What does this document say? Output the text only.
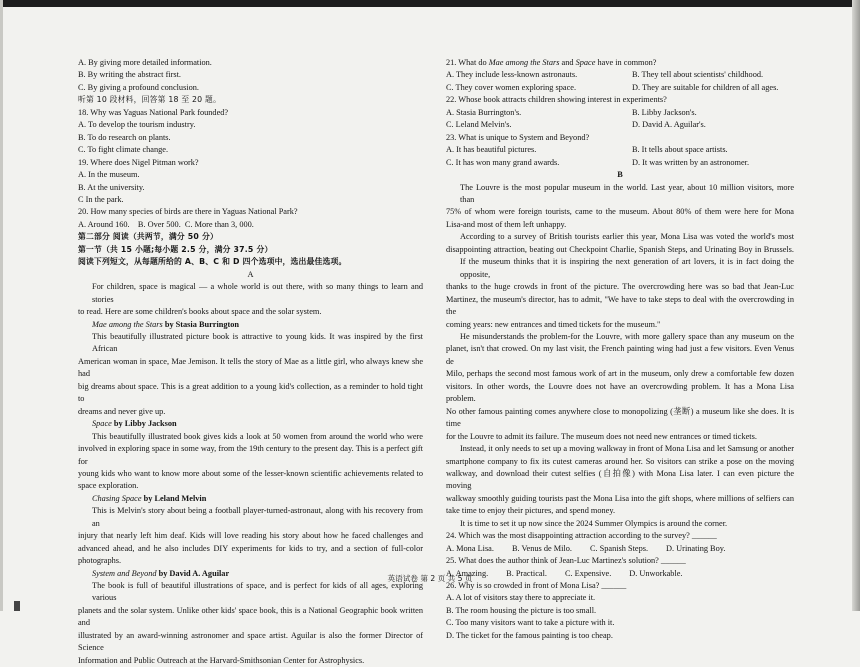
A. By giving more detailed information.

B. By writing the abstract first.

C. By giving a profound conclusion.

听第 10 段材料，回答第 18 至 20 题。

18. Why was Yaguas National Park founded?

A. To develop the tourism industry.

B. To do research on plants.

C. To fight climate change.

19. Where does Nigel Pitman work?

A. In the museum.

B. At the university.

C In the park.

20. How many species of birds are there in Yaguas National Park?

A. Around 160.    B. Over 500.  C. More than 3, 000.

第二部分 阅读（共两节，满分 50 分）

第一节（共 15 小题;每小题 2.5 分，满分 37.5 分）

阅读下列短文，从每题所给的 A、B、C 和 D 四个选项中，选出最佳选项。

A

For children, space is magical — a whole world is out there, with so many things to learn and stories

to read. Here are some children's books about space and the solar system.

Mae among the Stars by Stasia Burrington

This beautifully illustrated picture book is attractive to young kids. It was inspired by the first African

American woman in space, Mae Jemison. It tells the story of Mae as a little girl, who always knew she had

big dreams about space. This is a great addition to a young kid's collection, as a reminder to hold tight to

dreams and never give up.

Space by Libby Jackson

This beautifully illustrated book gives kids a look at 50 women from around the world who were

involved in exploring space in some way, from the 19th century to the present day. This is a perfect gift for

young kids who want to know more about some of the lesser-known scientific achievements related to

space exploration.

Chasing Space by Leland Melvin

This is Melvin's story about being a football player-turned-astronaut, along with his recovery from an

injury that nearly left him deaf. Kids will love reading his story about how he faced challenges and

advanced ahead, and he also includes DIY experiments for kids to try, and a section of full-color

photographs.

System and Beyond by David A. Aguilar

The book is full of beautiful illustrations of space, and is perfect for kids of all ages, exploring various

planets and the solar system. Unlike other kids' space book, this is a National Geographic book written and

illustrated by an award-winning astronomer and space artist. Aguilar is also the former Director of Science

Information and Public Outreach at the Harvard-Smithsonian Center for Astrophysics.

21. What do Mae among the Stars and Space have in common?

A. They include less-known astronauts.	B. They tell about scientists' childhood.
C. They cover women exploring space.	D. They are suitable for children of all ages.

22. Whose book attracts children showing interest in experiments?

A. Stasia Burrington's.	B. Libby Jackson's.
C. Leland Melvin's.	D. David A. Aguilar's.

23. What is unique to System and Beyond?

A. It has beautiful pictures.	B. It tells about space artists.
C. It has won many grand awards.	D. It was written by an astronomer.

B

The Louvre is the most popular museum in the world. Last year, about 10 million visitors, more than

75% of whom were foreign tourists, came to the museum. About 80% of them were here for Mona

Lisa-and most of them left unhappy.

According to a survey of British tourists earlier this year, Mona Lisa was voted the world's most

disappointing attraction, beating out Checkpoint Charlie, Spanish Steps, and Urinating Boy in Brussels.

If the museum thinks that it is inspiring the next generation of art lovers, it is in fact doing the opposite,

thanks to the huge crowds in front of the picture. The overcrowding here was so bad that Jean-Luc

Martinez, the museum's director, has to admit, "We have to take steps to deal with the overcrowding in the

coming years: new entrances and timed tickets for the museum."

He misunderstands the problem-for the Louvre, with more gallery space than any museum on the

planet, isn't that crowed. On my last visit, the French painting wing had just a few visitors. Even Venus de

Milo, perhaps the second most famous work of art in the museum, only drew a comfortable few dozen

visitors. In other words, the Louvre does not have an overcrowding problem. It has a Mona Lisa problem.

No other famous painting comes anywhere close to monopolizing (垄断) a museum like she does. It is time

for the Louvre to admit its failure. The museum does not need new entrances or timed tickets.

Instead, it only needs to set up a moving walkway in front of Mona Lisa and let Samsung or another

smartphone company to fix its cutest cameras around her. So visitors can strike a pose on the moving

walkway, and download their cutest selfies (自拍像) with Mona Lisa later. I can even picture the moving

walkway smoothly guiding tourists past the Mona Lisa into the gift shops, where millions of selfiers can

take time to enjoy their pictures, and spend money.

It is time to set it up now since the 2024 Summer Olympics is around the corner.

24. Which was the most disappointing attraction according to the survey? ______

A. Mona Lisa. B. Venus de Milo. C. Spanish Steps. D. Urinating Boy.

25. What does the author think of Jean-Luc Martinez's solution? ______

A. Amazing. B. Practical. C. Expensive. D. Unworkable.

26. Why is so crowded in front of Mona Lisa? ______

A. A lot of visitors stay there to appreciate it.

B. The room housing the picture is too small.

C. Too many visitors want to take a picture with it.

D. The ticket for the famous painting is too cheap.

英语试卷 第 2 页 共 5 页
